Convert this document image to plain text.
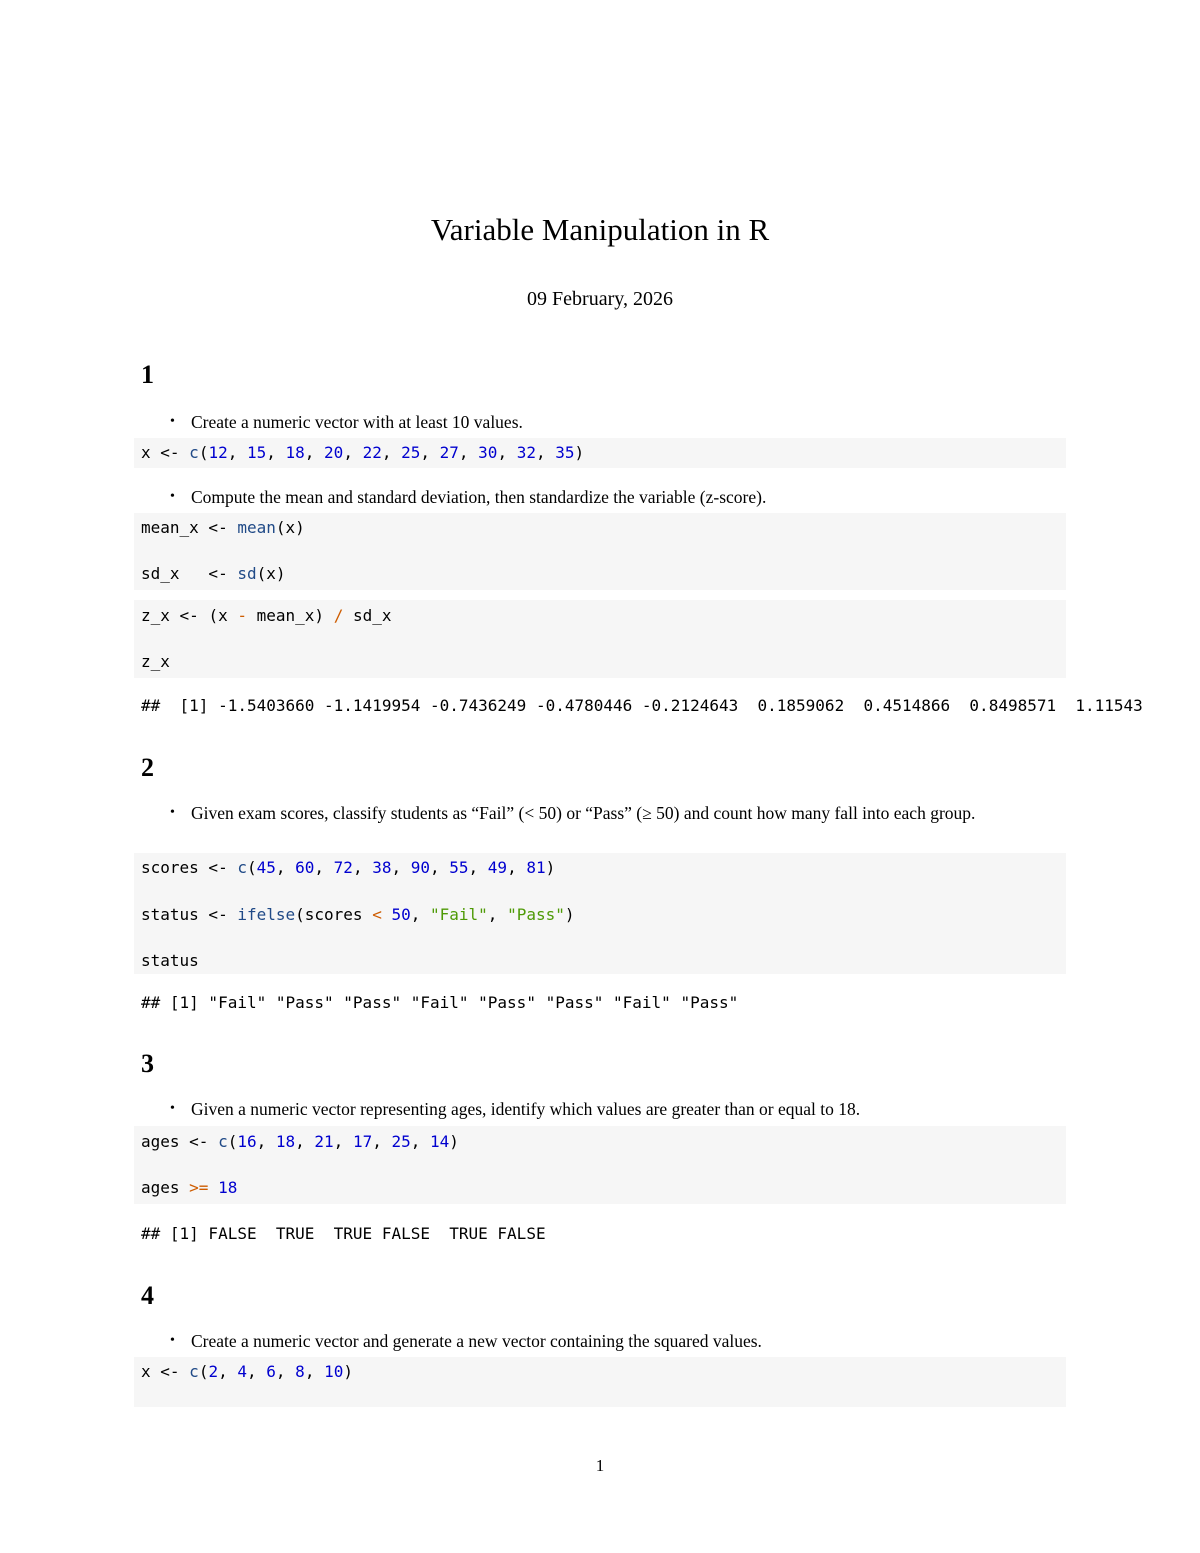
Variable Manipulation in R
09 February, 2026
1
• Create a numeric vector with at least 10 values.
x <- c(12, 15, 18, 20, 22, 25, 27, 30, 32, 35)
• Compute the mean and standard deviation, then standardize the variable (z-score).
mean_x <- mean(x)
sd_x   <- sd(x)
z_x <- (x - mean_x) / sd_x
z_x
##  [1] -1.5403660 -1.1419954 -0.7436249 -0.4780446 -0.2124643  0.1859062  0.4514866  0.8498571  1.11543
2
• Given exam scores, classify students as “Fail” (< 50) or “Pass” (≥ 50) and count how many fall into each group.
scores <- c(45, 60, 72, 38, 90, 55, 49, 81)
status <- ifelse(scores < 50, "Fail", "Pass")
status
## [1] "Fail" "Pass" "Pass" "Fail" "Pass" "Pass" "Fail" "Pass"
3
• Given a numeric vector representing ages, identify which values are greater than or equal to 18.
ages <- c(16, 18, 21, 17, 25, 14)
ages >= 18
## [1] FALSE  TRUE  TRUE FALSE  TRUE FALSE
4
• Create a numeric vector and generate a new vector containing the squared values.
x <- c(2, 4, 6, 8, 10)
1
